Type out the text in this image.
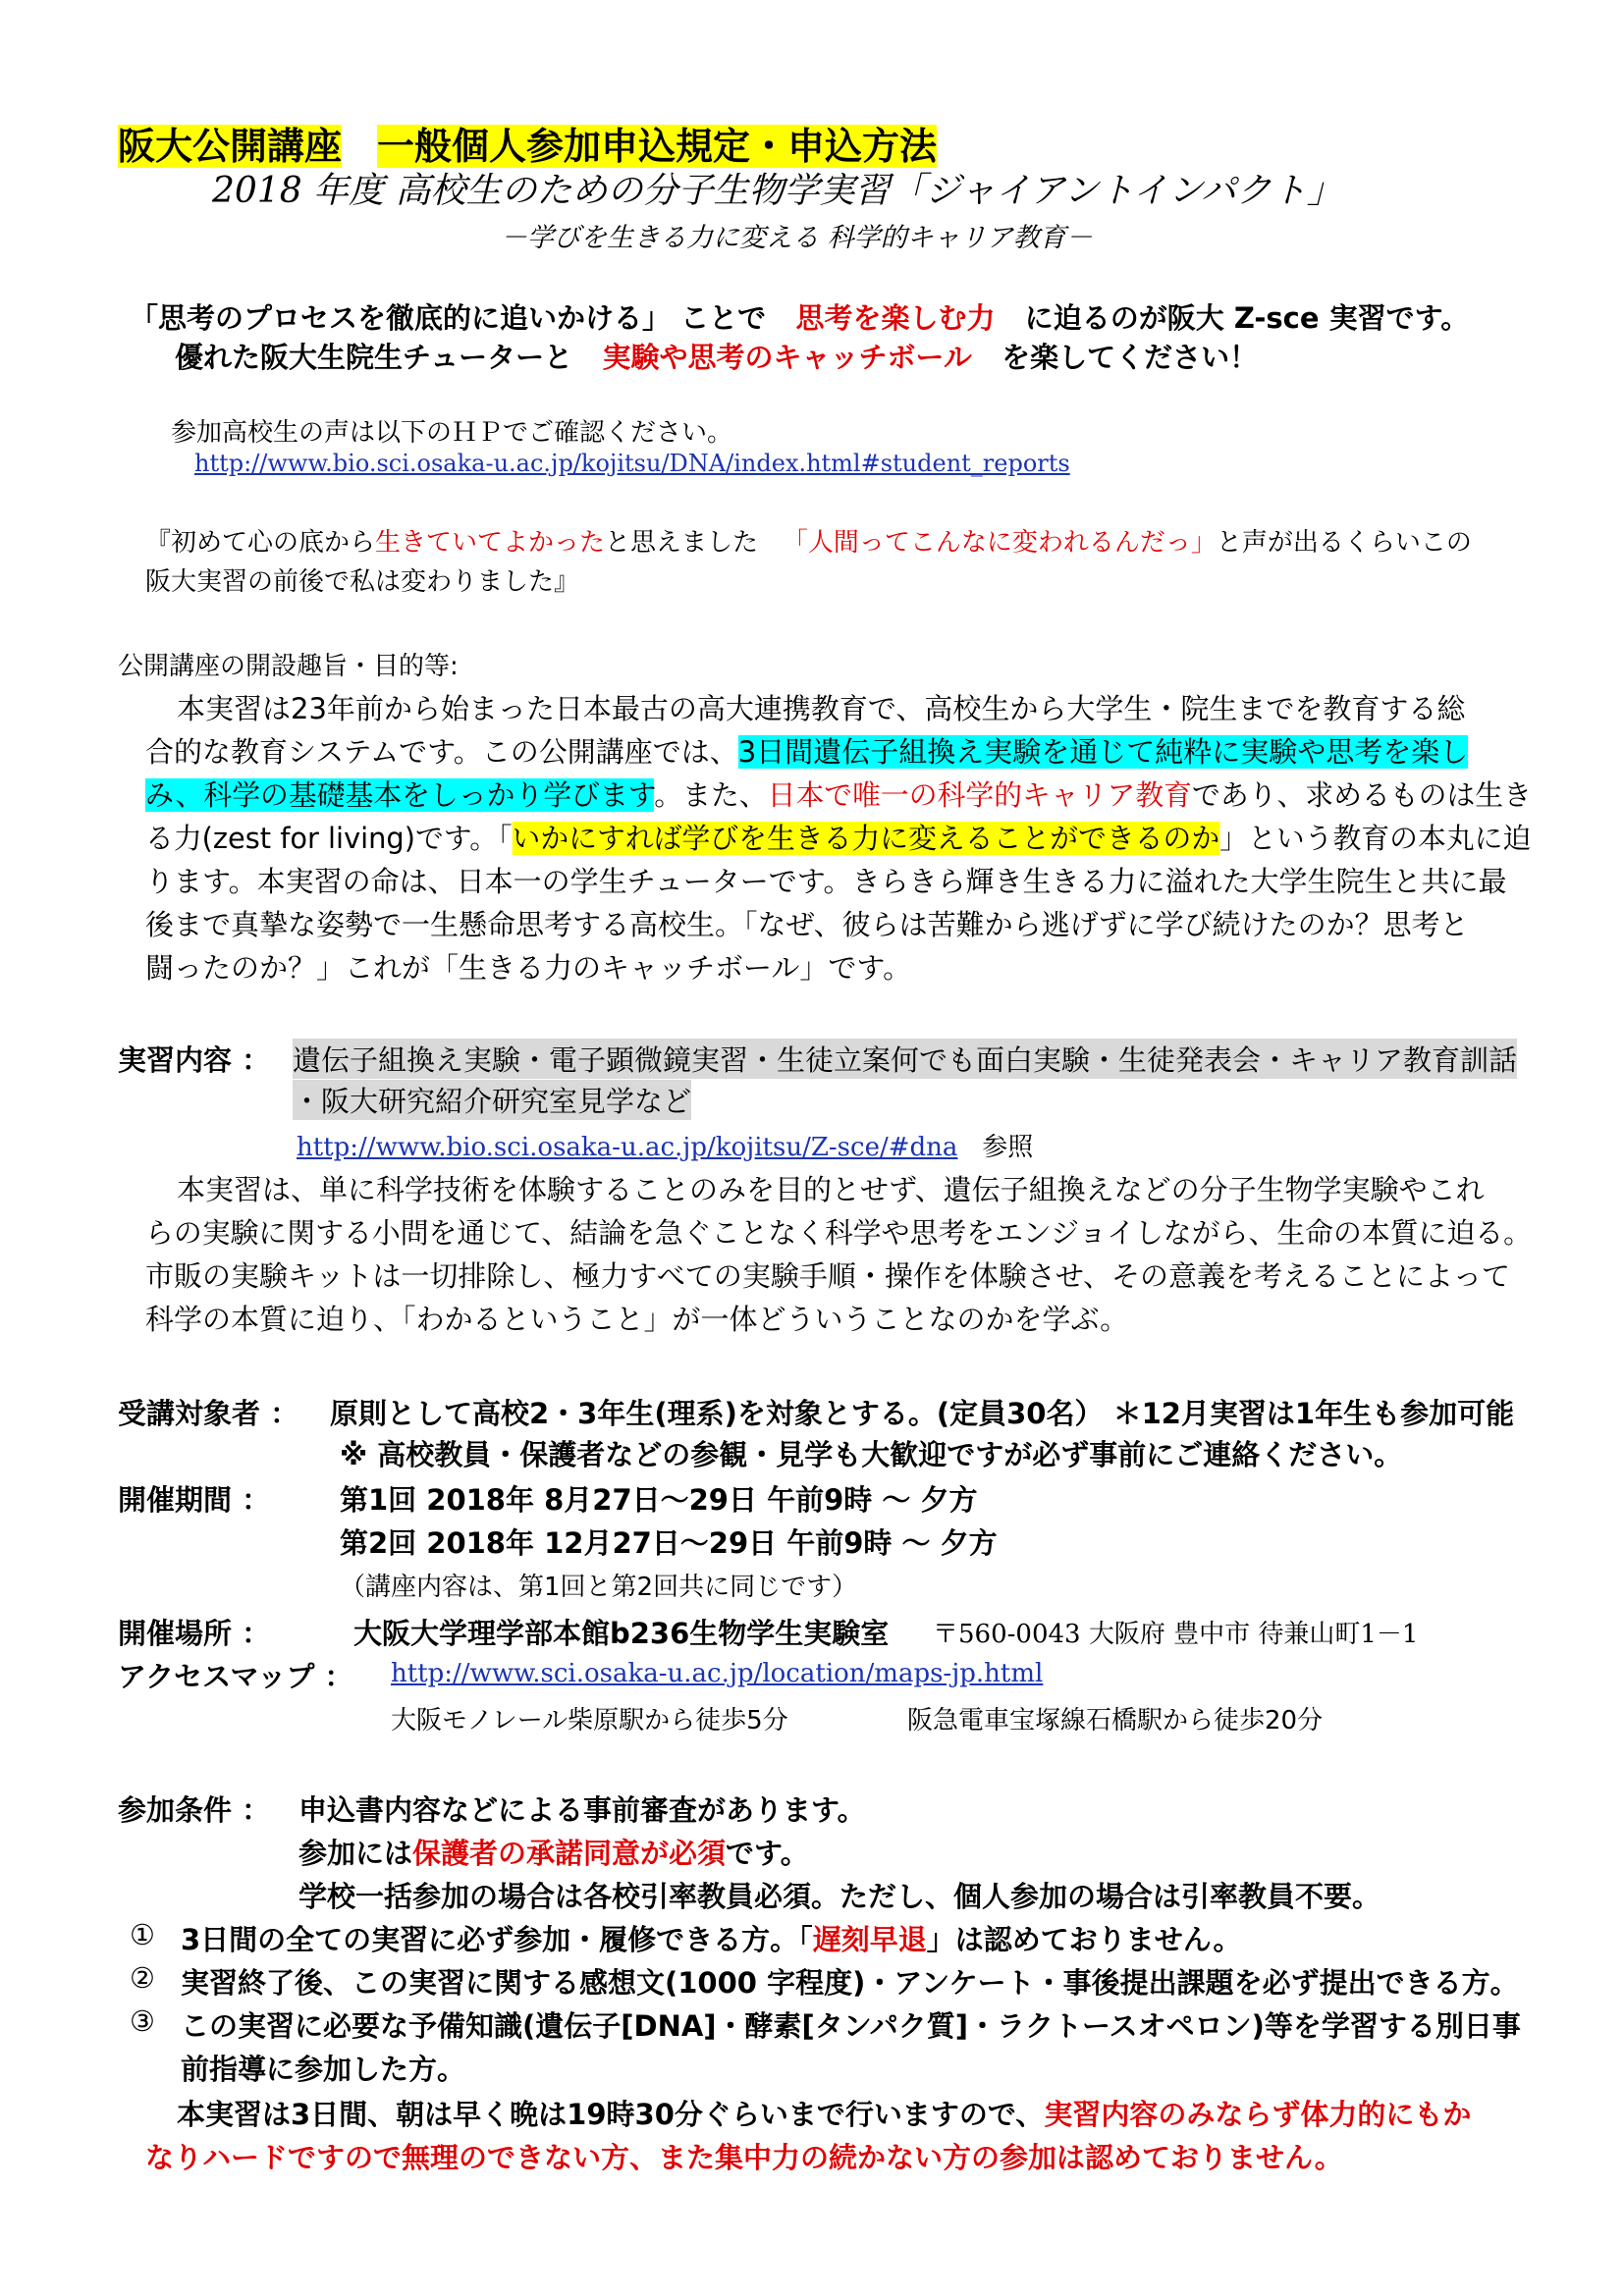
阪大公開講座 一般個人参加申込規定・申込方法
2018 年度 高校生のための分子生物学実習「ジャイアントインパクト」
－学びを生きる力に変える 科学的キャリア教育－
「思考のプロセスを徹底的に追いかける」 ことで 思考を楽しむ力 に迫るのが阪大 Z-sce 実習です。
優れた阪大生院生チューターと 実験や思考のキャッチボール を楽してください！
参加高校生の声は以下のＨＰでご確認ください。
http://www.bio.sci.osaka-u.ac.jp/kojitsu/DNA/index.html#student_reports
『初めて心の底から生きていてよかったと思えました 「人間ってこんなに変われるんだっ」と声が出るくらいこの
阪大実習の前後で私は変わりました』
公開講座の開設趣旨・目的等:
本実習は23年前から始まった日本最古の高大連携教育で、高校生から大学生・院生までを教育する総
合的な教育システムです。この公開講座では、3日間遺伝子組換え実験を通じて純粋に実験や思考を楽し
み、科学の基礎基本をしっかり学びます。また、日本で唯一の科学的キャリア教育であり、求めるものは生き
る力(zest for living)です。「いかにすれば学びを生きる力に変えることができるのか」という教育の本丸に迫
ります。本実習の命は、日本一の学生チューターです。きらきら輝き生きる力に溢れた大学生院生と共に最
後まで真摯な姿勢で一生懸命思考する高校生。「なぜ、彼らは苦難から逃げずに学び続けたのか？思考と
闘ったのか？」これが「生きる力のキャッチボール」です。
実習内容 ： 遺伝子組換え実験・電子顕微鏡実習・生徒立案何でも面白実験・生徒発表会・キャリア教育訓話
・阪大研究紹介研究室見学など
http://www.bio.sci.osaka-u.ac.jp/kojitsu/Z-sce/#dna 参照
本実習は、単に科学技術を体験することのみを目的とせず、遺伝子組換えなどの分子生物学実験やこれ
らの実験に関する小問を通じて、結論を急ぐことなく科学や思考をエンジョイしながら、生命の本質に迫る。
市販の実験キットは一切排除し、極力すべての実験手順・操作を体験させ、その意義を考えることによって
科学の本質に迫り、「わかるということ」が一体どういうことなのかを学ぶ。
受講対象者 ： 原則として高校2・3年生(理系)を対象とする。(定員30名） ＊12月実習は1年生も参加可能
※ 高校教員・保護者などの参観・見学も大歓迎ですが必ず事前にご連絡ください。
開催期間 ： 第1回 2018年 8月27日～29日 午前9時 ～ 夕方
第2回 2018年 12月27日～29日 午前9時 ～ 夕方
（講座内容は、第1回と第2回共に同じです）
開催場所 ：	大阪大学理学部本館b236生物学生実験室 〒560-0043 大阪府 豊中市 待兼山町1－1
アクセスマップ ： http://www.sci.osaka-u.ac.jp/location/maps-jp.html
大阪モノレール柴原駅から徒歩5分	阪急電車宝塚線石橋駅から徒歩20分
参加条件 ： 申込書内容などによる事前審査があります。
参加には保護者の承諾同意が必須です。
学校一括参加の場合は各校引率教員必須。ただし、個人参加の場合は引率教員不要。
① 3日間の全ての実習に必ず参加・履修できる方。「遅刻早退」は認めておりません。
② 実習終了後、この実習に関する感想文(1000 字程度)・アンケート・事後提出課題を必ず提出できる方。
③ この実習に必要な予備知識(遺伝子[DNA]・酵素[タンパク質]・ラクトースオペロン)等を学習する別日事
前指導に参加した方。
本実習は3日間、朝は早く晩は19時30分ぐらいまで行いますので、実習内容のみならず体力的にもか
なりハードですので無理のできない方、また集中力の続かない方の参加は認めておりません。
